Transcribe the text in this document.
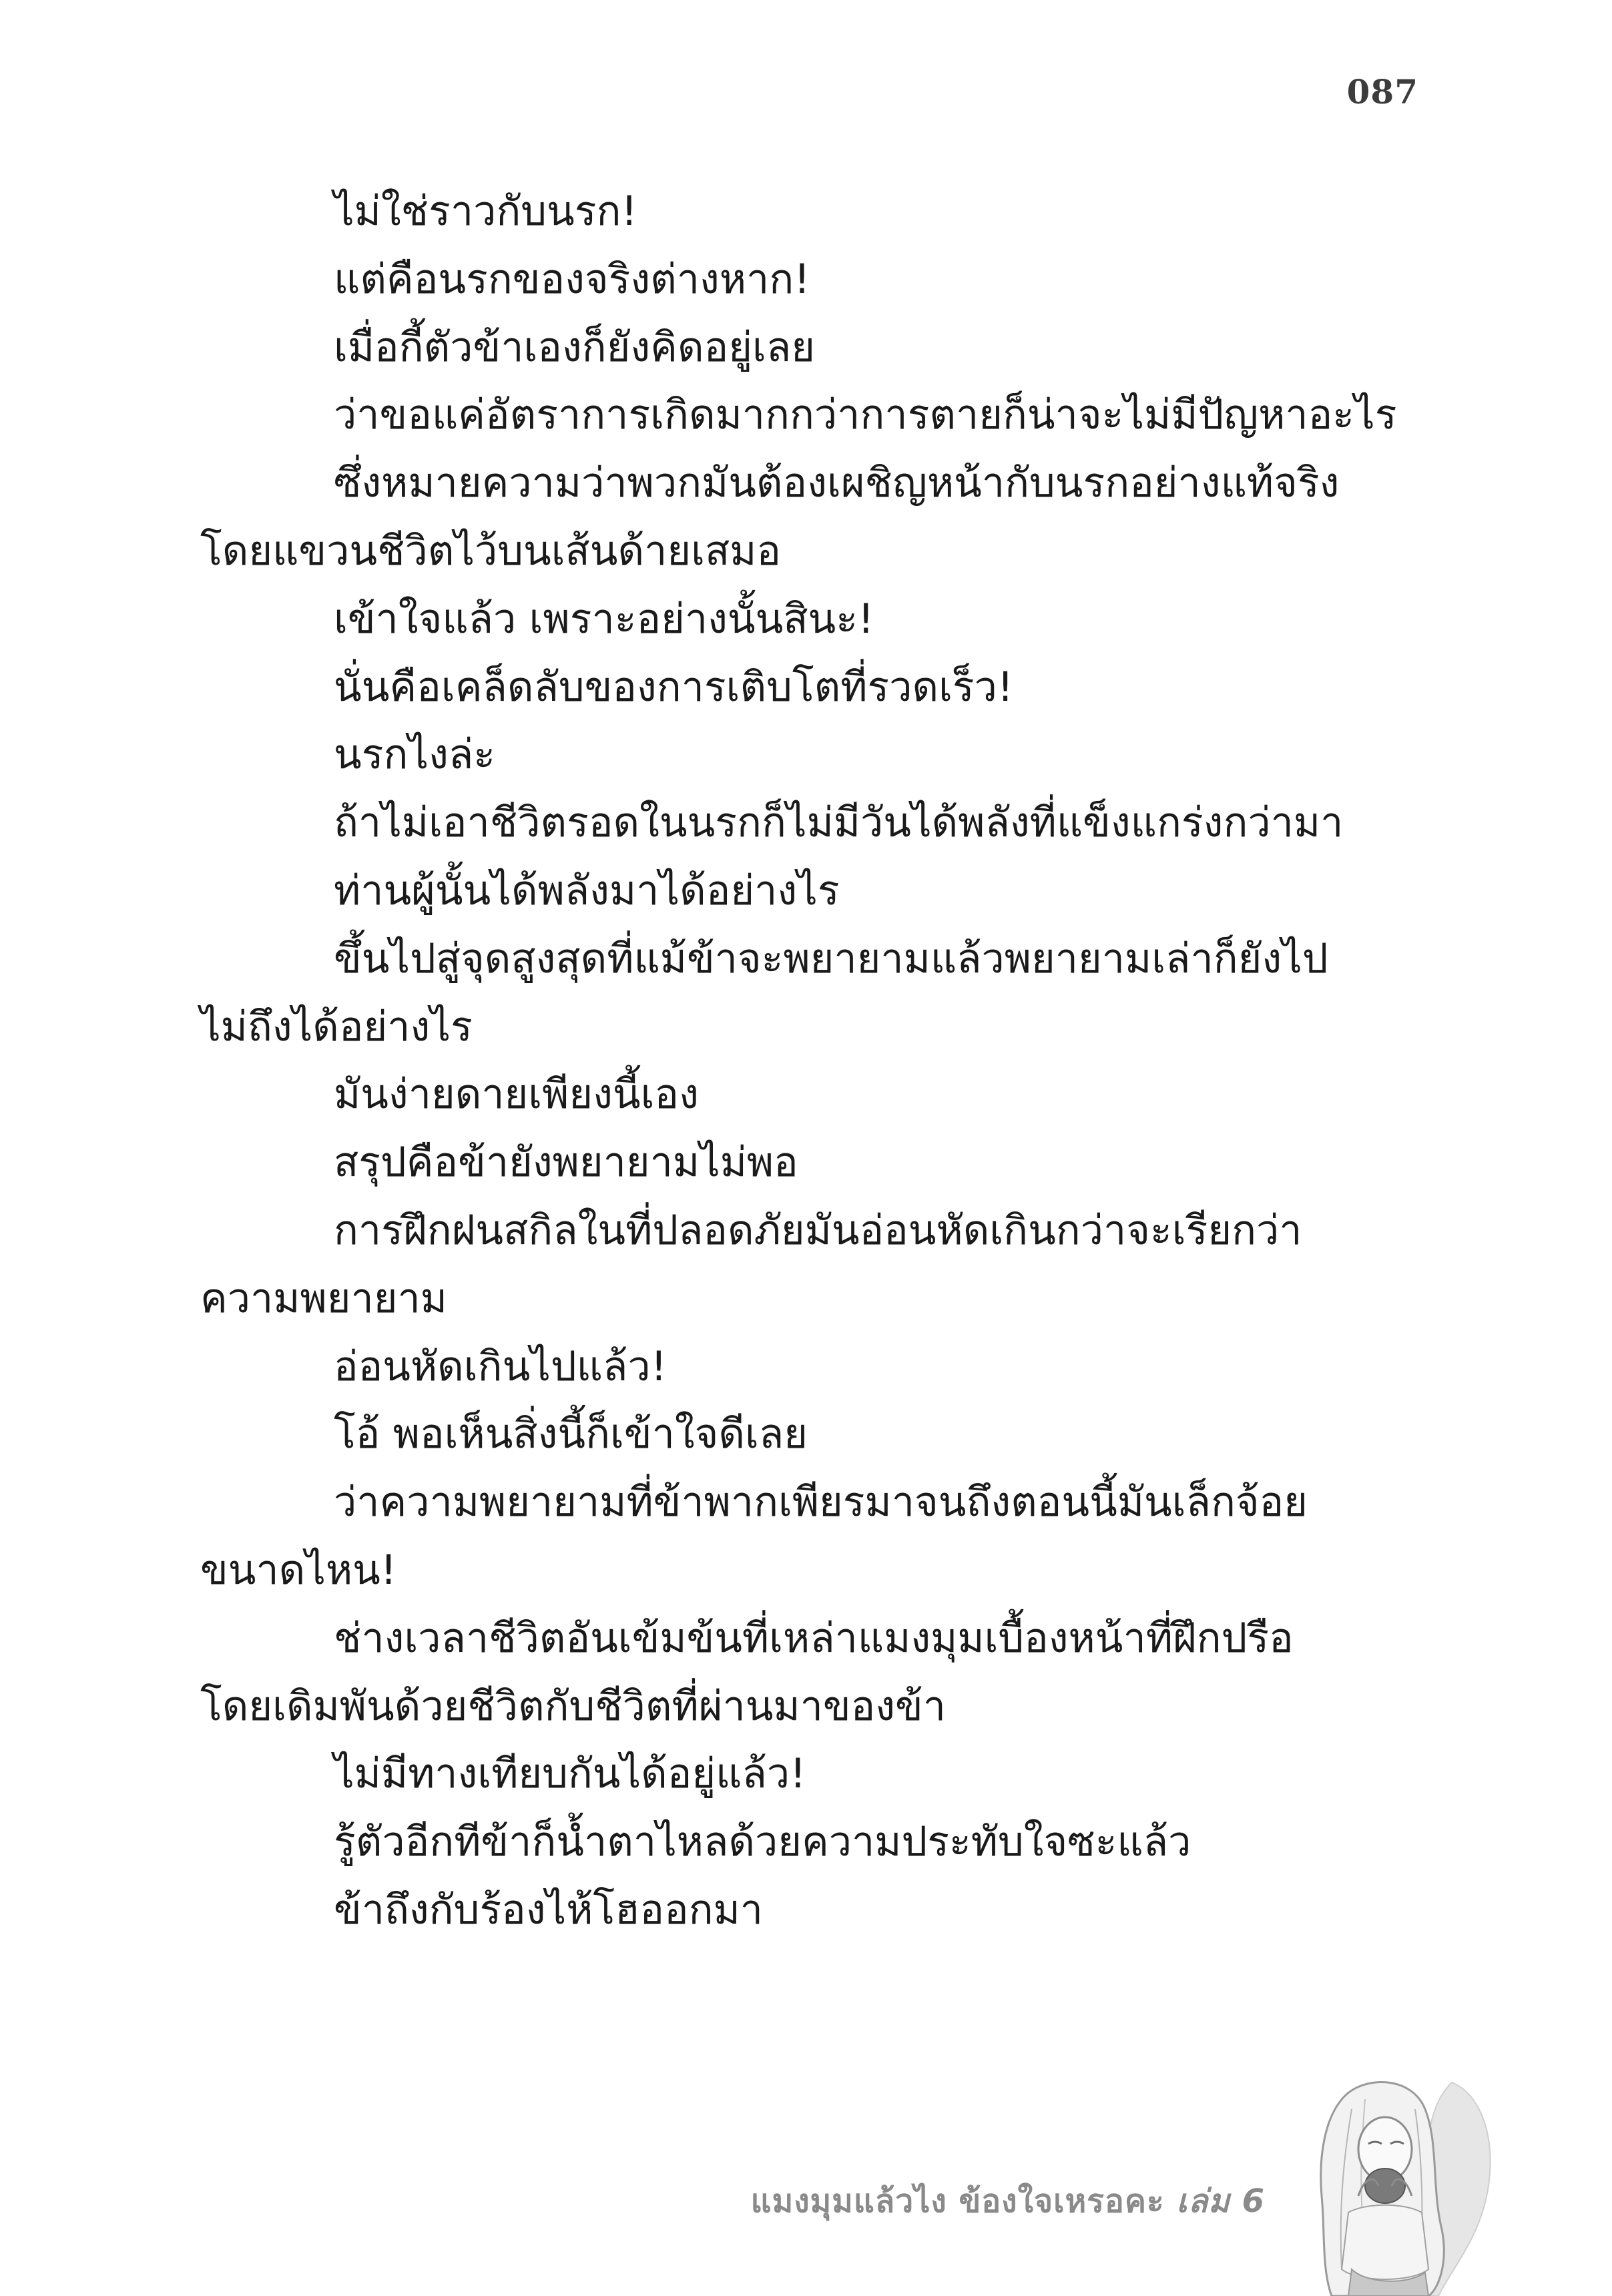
087
ไม่ใช่ราวกับนรก!
แต่คือนรกของจริงต่างหาก!
เมื่อกี้ตัวข้าเองก็ยังคิดอยู่เลย
ว่าขอแค่อัตราการเกิดมากกว่าการตายก็น่าจะไม่มีปัญหาอะไร
ซึ่งหมายความว่าพวกมันต้องเผชิญหน้ากับนรกอย่างแท้จริง
โดยแขวนชีวิตไว้บนเส้นด้ายเสมอ
เข้าใจแล้ว เพราะอย่างนั้นสินะ!
นั่นคือเคล็ดลับของการเติบโตที่รวดเร็ว!
นรกไงล่ะ
ถ้าไม่เอาชีวิตรอดในนรกก็ไม่มีวันได้พลังที่แข็งแกร่งกว่ามา
ท่านผู้นั้นได้พลังมาได้อย่างไร
ขึ้นไปสู่จุดสูงสุดที่แม้ข้าจะพยายามแล้วพยายามเล่าก็ยังไป
ไม่ถึงได้อย่างไร
มันง่ายดายเพียงนี้เอง
สรุปคือข้ายังพยายามไม่พอ
การฝึกฝนสกิลในที่ปลอดภัยมันอ่อนหัดเกินกว่าจะเรียกว่า
ความพยายาม
อ่อนหัดเกินไปแล้ว!
โอ้ พอเห็นสิ่งนี้ก็เข้าใจดีเลย
ว่าความพยายามที่ข้าพากเพียรมาจนถึงตอนนี้มันเล็กจ้อย
ขนาดไหน!
ช่างเวลาชีวิตอันเข้มข้นที่เหล่าแมงมุมเบื้องหน้าที่ฝึกปรือ
โดยเดิมพันด้วยชีวิตกับชีวิตที่ผ่านมาของข้า
ไม่มีทางเทียบกันได้อยู่แล้ว!
รู้ตัวอีกทีข้าก็น้ำตาไหลด้วยความประทับใจซะแล้ว
ข้าถึงกับร้องไห้โฮออกมา
แมงมุมแล้วไง ข้องใจเหรอคะ เล่ม 6
